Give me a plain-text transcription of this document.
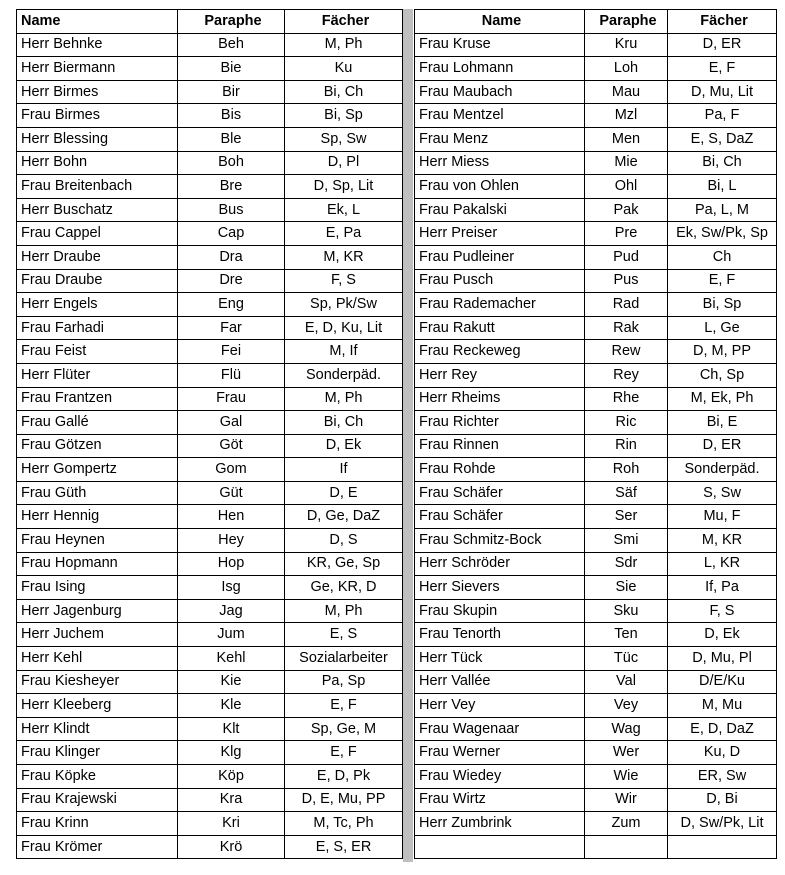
Name	Paraphe	Fächer
Herr Behnke	Beh	M, Ph
Herr Biermann	Bie	Ku
Herr Birmes	Bir	Bi, Ch
Frau Birmes	Bis	Bi, Sp
Herr Blessing	Ble	Sp, Sw
Herr Bohn	Boh	D, Pl
Frau Breitenbach	Bre	D, Sp, Lit
Herr Buschatz	Bus	Ek, L
Frau Cappel	Cap	E, Pa
Herr Draube	Dra	M, KR
Frau Draube	Dre	F, S
Herr Engels	Eng	Sp, Pk/Sw
Frau Farhadi	Far	E, D, Ku, Lit
Frau Feist	Fei	M, If
Herr Flüter	Flü	Sonderpäd.
Frau Frantzen	Frau	M, Ph
Frau Gallé	Gal	Bi, Ch
Frau Götzen	Göt	D, Ek
Herr Gompertz	Gom	If
Frau Güth	Güt	D, E
Herr Hennig	Hen	D, Ge, DaZ
Frau Heynen	Hey	D, S
Frau Hopmann	Hop	KR, Ge, Sp
Frau Ising	Isg	Ge, KR, D
Herr Jagenburg	Jag	M, Ph
Herr Juchem	Jum	E, S
Herr Kehl	Kehl	Sozialarbeiter
Frau Kiesheyer	Kie	Pa, Sp
Herr Kleeberg	Kle	E, F
Herr Klindt	Klt	Sp, Ge, M
Frau Klinger	Klg	E, F
Frau Köpke	Köp	E, D, Pk
Frau Krajewski	Kra	D, E, Mu, PP
Frau Krinn	Kri	M, Tc, Ph
Frau Krömer	Krö	E, S, ER
Name	Paraphe	Fächer
Frau Kruse	Kru	D, ER
Frau Lohmann	Loh	E, F
Frau Maubach	Mau	D, Mu, Lit
Frau Mentzel	Mzl	Pa, F
Frau Menz	Men	E, S, DaZ
Herr Miess	Mie	Bi, Ch
Frau von Ohlen	Ohl	Bi, L
Frau Pakalski	Pak	Pa, L, M
Herr Preiser	Pre	Ek, Sw/Pk, Sp
Frau Pudleiner	Pud	Ch
Frau Pusch	Pus	E, F
Frau Rademacher	Rad	Bi, Sp
Frau Rakutt	Rak	L, Ge
Frau Reckeweg	Rew	D, M, PP
Herr Rey	Rey	Ch, Sp
Herr Rheims	Rhe	M, Ek, Ph
Frau Richter	Ric	Bi, E
Frau Rinnen	Rin	D, ER
Frau Rohde	Roh	Sonderpäd.
Frau Schäfer	Säf	S, Sw
Frau Schäfer	Ser	Mu, F
Frau Schmitz-Bock	Smi	M, KR
Herr Schröder	Sdr	L, KR
Herr Sievers	Sie	If, Pa
Frau Skupin	Sku	F, S
Frau Tenorth	Ten	D, Ek
Herr Tück	Tüc	D, Mu, Pl
Herr Vallée	Val	D/E/Ku
Herr Vey	Vey	M, Mu
Frau Wagenaar	Wag	E, D, DaZ
Frau Werner	Wer	Ku, D
Frau Wiedey	Wie	ER, Sw
Frau Wirtz	Wir	D, Bi
Herr Zumbrink	Zum	D, Sw/Pk, Lit
